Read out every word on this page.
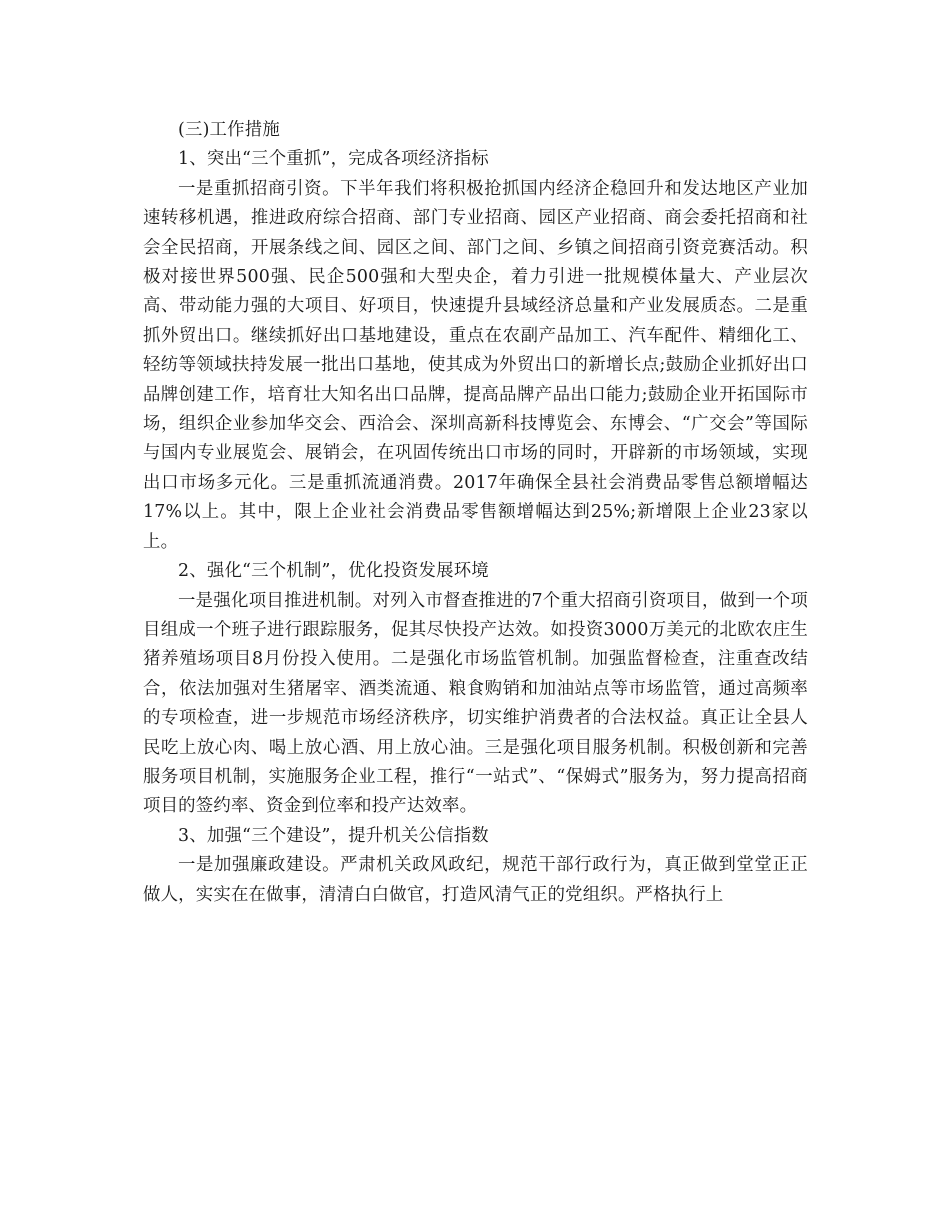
(三)工作措施

1、突出“三个重抓”，完成各项经济指标

一是重抓招商引资。下半年我们将积极抢抓国内经济企稳回升和发达地区产业加速转移机遇，推进政府综合招商、部门专业招商、园区产业招商、商会委托招商和社会全民招商，开展条线之间、园区之间、部门之间、乡镇之间招商引资竞赛活动。积极对接世界500强、民企500强和大型央企，着力引进一批规模体量大、产业层次高、带动能力强的大项目、好项目，快速提升县域经济总量和产业发展质态。二是重抓外贸出口。继续抓好出口基地建设，重点在农副产品加工、汽车配件、精细化工、轻纺等领域扶持发展一批出口基地，使其成为外贸出口的新增长点;鼓励企业抓好出口品牌创建工作，培育壮大知名出口品牌，提高品牌产品出口能力;鼓励企业开拓国际市场，组织企业参加华交会、西洽会、深圳高新科技博览会、东博会、“广交会”等国际与国内专业展览会、展销会，在巩固传统出口市场的同时，开辟新的市场领域，实现出口市场多元化。三是重抓流通消费。2017年确保全县社会消费品零售总额增幅达17%以上。其中，限上企业社会消费品零售额增幅达到25%;新增限上企业23家以上。

2、强化“三个机制”，优化投资发展环境

一是强化项目推进机制。对列入市督查推进的7个重大招商引资项目，做到一个项目组成一个班子进行跟踪服务，促其尽快投产达效。如投资3000万美元的北欧农庄生猪养殖场项目8月份投入使用。二是强化市场监管机制。加强监督检查，注重查改结合，依法加强对生猪屠宰、酒类流通、粮食购销和加油站点等市场监管，通过高频率的专项检查，进一步规范市场经济秩序，切实维护消费者的合法权益。真正让全县人民吃上放心肉、喝上放心酒、用上放心油。三是强化项目服务机制。积极创新和完善服务项目机制，实施服务企业工程，推行“一站式”、“保姆式”服务为，努力提高招商项目的签约率、资金到位率和投产达效率。

3、加强“三个建设”，提升机关公信指数

一是加强廉政建设。严肃机关政风政纪，规范干部行政行为，真正做到堂堂正正做人，实实在在做事，清清白白做官，打造风清气正的党组织。严格执行上
